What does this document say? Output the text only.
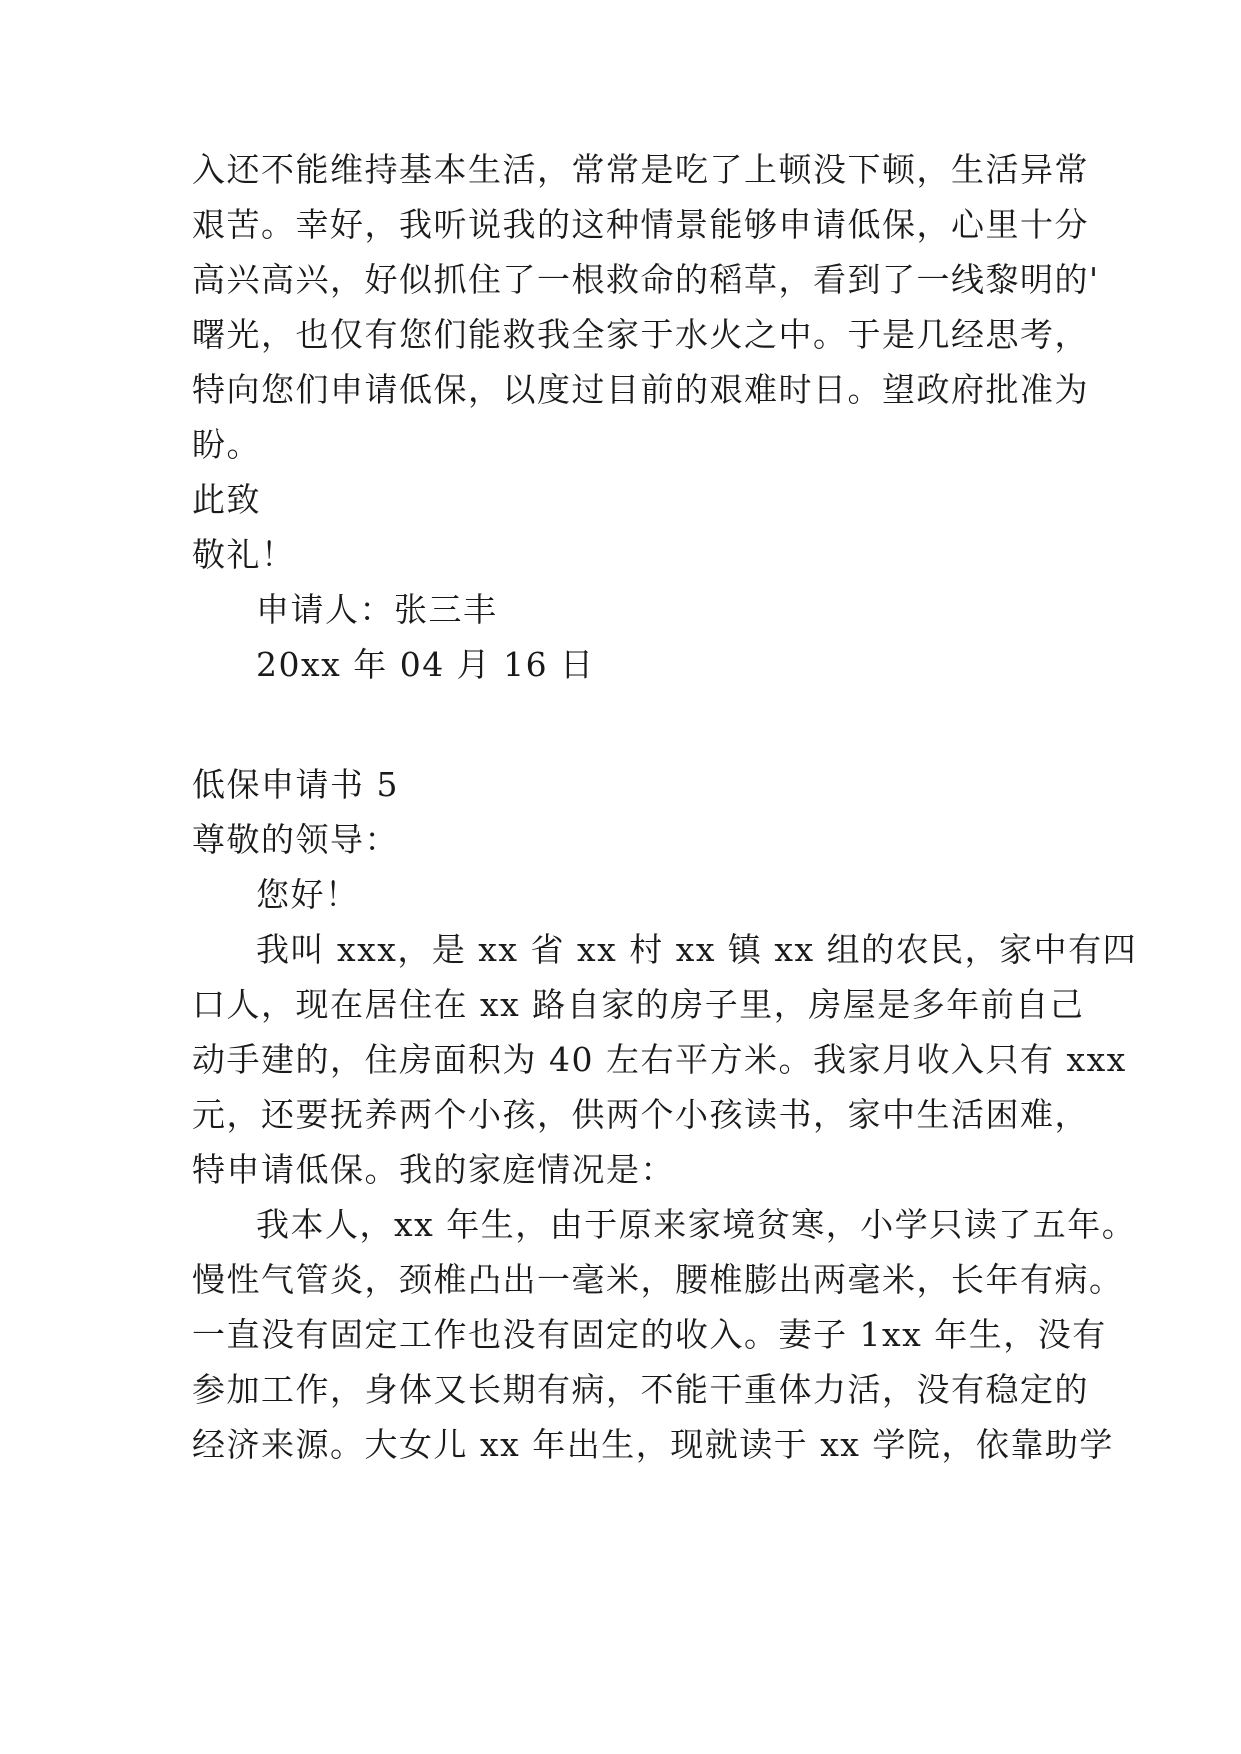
入还不能维持基本生活，常常是吃了上顿没下顿，生活异常
艰苦。幸好，我听说我的这种情景能够申请低保，心里十分
高兴高兴，好似抓住了一根救命的稻草，看到了一线黎明的'
曙光，也仅有您们能救我全家于水火之中。于是几经思考，
特向您们申请低保，以度过目前的艰难时日。望政府批准为
盼。
此致
敬礼！
申请人：张三丰
20xx 年 04 月 16 日
低保申请书 5
尊敬的领导：
您好！
我叫 xxx，是 xx 省 xx 村 xx 镇 xx 组的农民，家中有四
口人，现在居住在 xx 路自家的房子里，房屋是多年前自己
动手建的，住房面积为 40 左右平方米。我家月收入只有 xxx
元，还要抚养两个小孩，供两个小孩读书，家中生活困难，
特申请低保。我的家庭情况是：
我本人，xx 年生，由于原来家境贫寒，小学只读了五年。
慢性气管炎，颈椎凸出一毫米，腰椎膨出两毫米，长年有病。
一直没有固定工作也没有固定的收入。妻子 1xx 年生，没有
参加工作，身体又长期有病，不能干重体力活，没有稳定的
经济来源。大女儿 xx 年出生，现就读于 xx 学院，依靠助学
